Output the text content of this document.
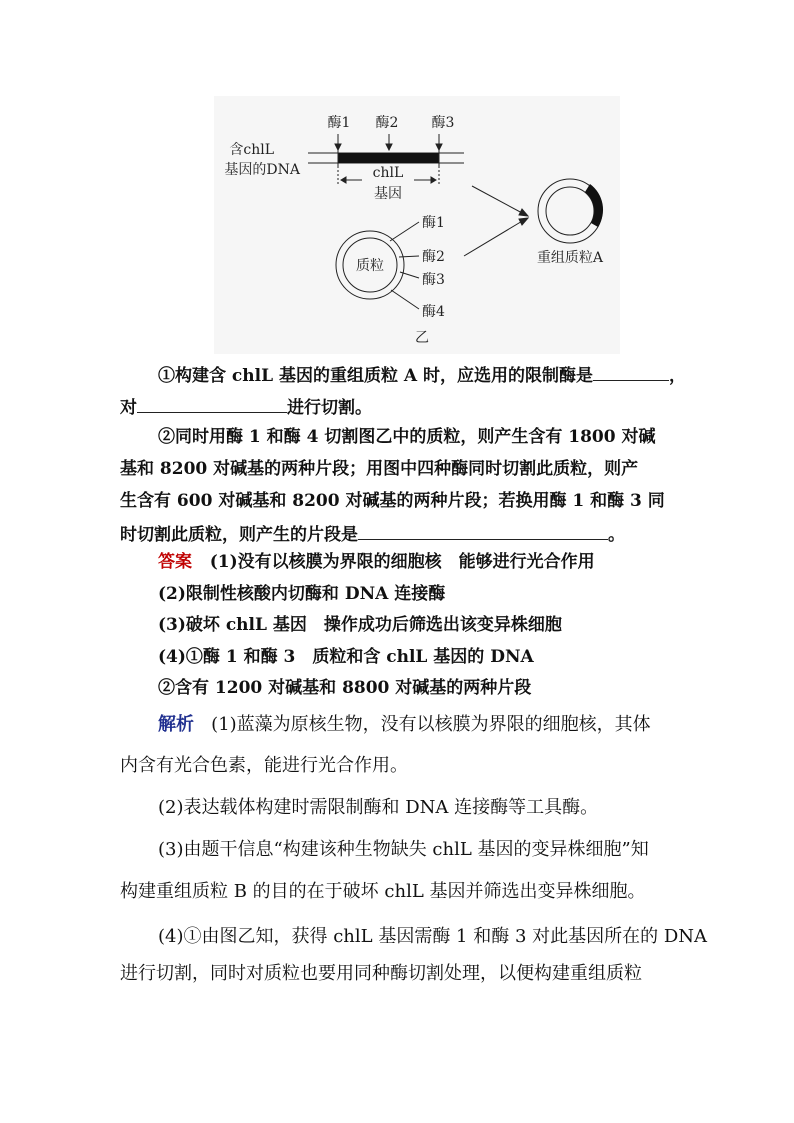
含chlL
基因的DNA
酶1 酶2 酶3
chlL
基因
质粒
酶1
酶2
酶3
酶4
重组质粒A
乙
①构建含 chlL 基因的重组质粒 A 时，应选用的限制酶是	，
对	进行切割。
②同时用酶 1 和酶 4 切割图乙中的质粒，则产生含有 1800 对碱
基和 8200 对碱基的两种片段；用图中四种酶同时切割此质粒，则产
生含有 600 对碱基和 8200 对碱基的两种片段；若换用酶 1 和酶 3 同
时切割此质粒，则产生的片段是	。
答案 (1)没有以核膜为界限的细胞核　能够进行光合作用
(2)限制性核酸内切酶和 DNA 连接酶
(3)破坏 chlL 基因　操作成功后筛选出该变异株细胞
(4)①酶 1 和酶 3　质粒和含 chlL 基因的 DNA
②含有 1200 对碱基和 8800 对碱基的两种片段
解析 (1)蓝藻为原核生物，没有以核膜为界限的细胞核，其体
内含有光合色素，能进行光合作用。
(2)表达载体构建时需限制酶和 DNA 连接酶等工具酶。
(3)由题干信息“构建该种生物缺失 chlL 基因的变异株细胞”知
构建重组质粒 B 的目的在于破坏 chlL 基因并筛选出变异株细胞。
(4)①由图乙知，获得 chlL 基因需酶 1 和酶 3 对此基因所在的 DNA
进行切割，同时对质粒也要用同种酶切割处理，以便构建重组质粒
